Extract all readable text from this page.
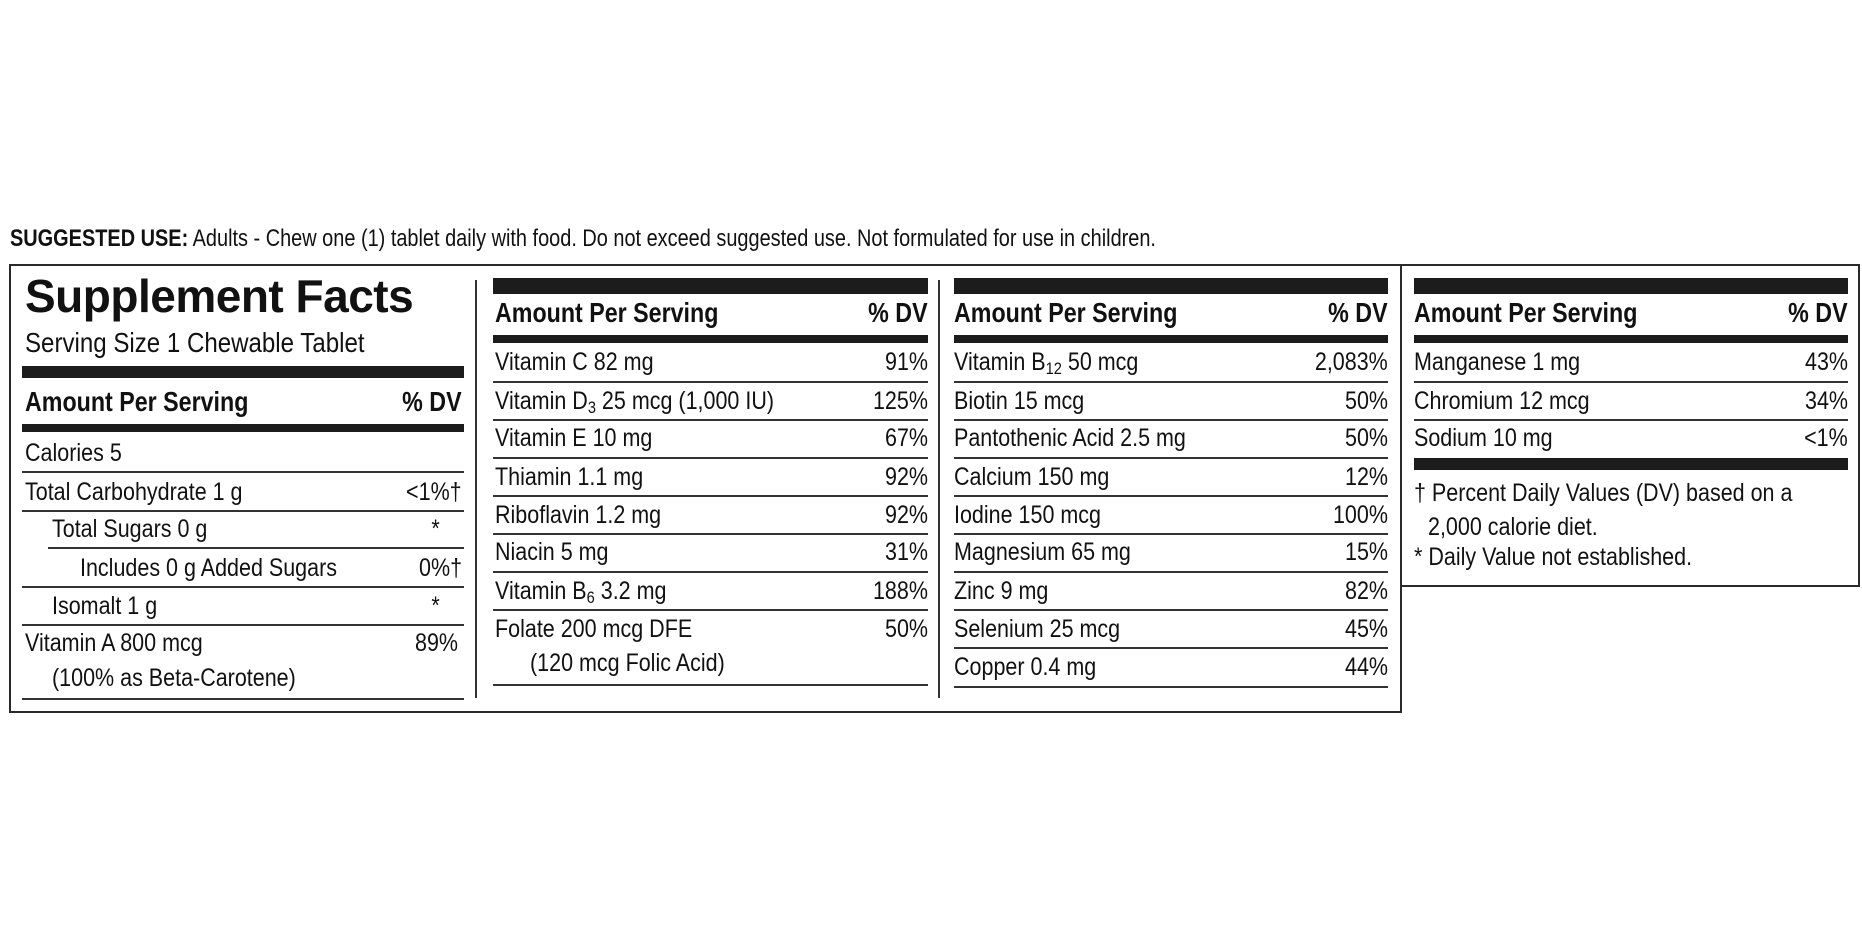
SUGGESTED USE: Adults - Chew one (1) tablet daily with food. Do not exceed suggested use. Not formulated for use in children.
Supplement Facts
Serving Size 1 Chewable Tablet
Amount Per Serving	% DV
Calories 5
Total Carbohydrate 1 g	<1%†
Total Sugars 0 g	*
Includes 0 g Added Sugars	0%†
Isomalt 1 g	*
Vitamin A 800 mcg	89%
(100% as Beta-Carotene)
Amount Per Serving	% DV
Vitamin C 82 mg	91%
Vitamin $D_3$ 25 mcg (1,000 IU)	125%
Vitamin E 10 mg	67%
Thiamin 1.1 mg	92%
Riboflavin 1.2 mg	92%
Niacin 5 mg	31%
Vitamin $B_6$ 3.2 mg	188%
Folate 200 mcg DFE	50%
(120 mcg Folic Acid)
Amount Per Serving	% DV
Vitamin $B_{12}$ 50 mcg	2,083%
Biotin 15 mcg	50%
Pantothenic Acid 2.5 mg	50%
Calcium 150 mg	12%
Iodine 150 mcg	100%
Magnesium 65 mg	15%
Zinc 9 mg	82%
Selenium 25 mcg	45%
Copper 0.4 mg	44%
Amount Per Serving	% DV
Manganese 1 mg	43%
Chromium 12 mcg	34%
Sodium 10 mg	<1%
† Percent Daily Values (DV) based on a
2,000 calorie diet.
* Daily Value not established.
